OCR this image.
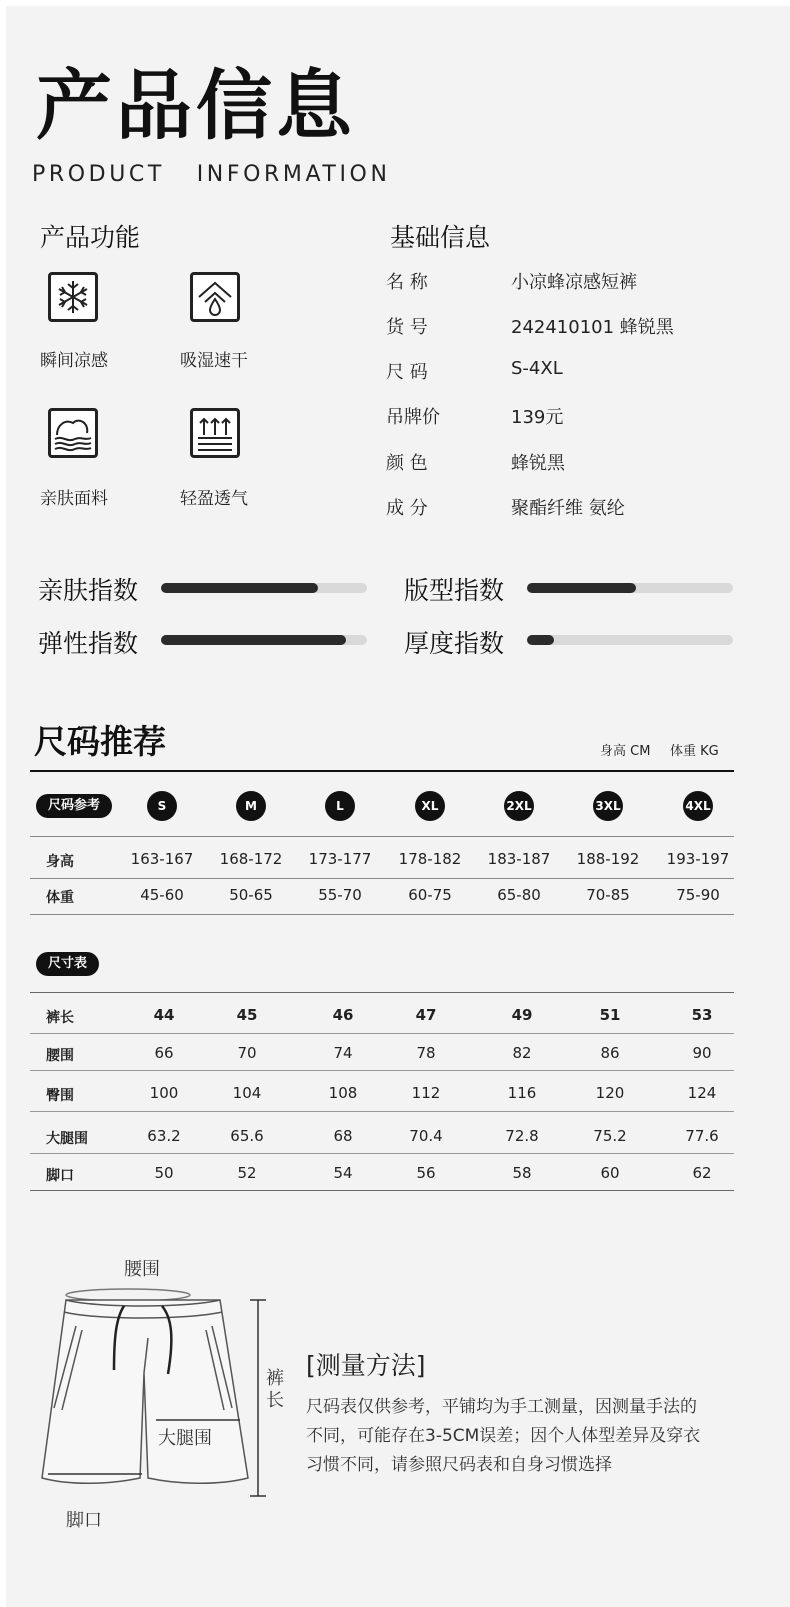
产品信息
PRODUCT   INFORMATION
产品功能
瞬间凉感	吸湿速干
亲肤面料	轻盈透气
基础信息
名 称	小凉蜂凉感短裤
货 号	242410101 蜂锐黑
尺 码	S-4XL
吊牌价	139元
颜 色	蜂锐黑
成 分	聚酯纤维 氨纶
亲肤指数	版型指数
弹性指数	厚度指数
尺码推荐	身高 CM 体重 KG
尺码参考	S	M	L	XL	2XL	3XL	4XL
身高	163-167	168-172	173-177	178-182	183-187	188-192	193-197
体重	45-60	50-65	55-70	60-75	65-80	70-85	75-90
尺寸表
裤长	44	45	46	47	49	51	53
腰围	66	70	74	78	82	86	90
臀围	100	104	108	112	116	120	124
大腿围	63.2	65.6	68	70.4	72.8	75.2	77.6
脚口	50	52	54	56	58	60	62
腰围
裤长
大腿围
脚口
[测量方法]
尺码表仅供参考，平铺均为手工测量，因测量手法的不同，可能存在3-5CM误差；因个人体型差异及穿衣习惯不同，请参照尺码表和自身习惯选择
